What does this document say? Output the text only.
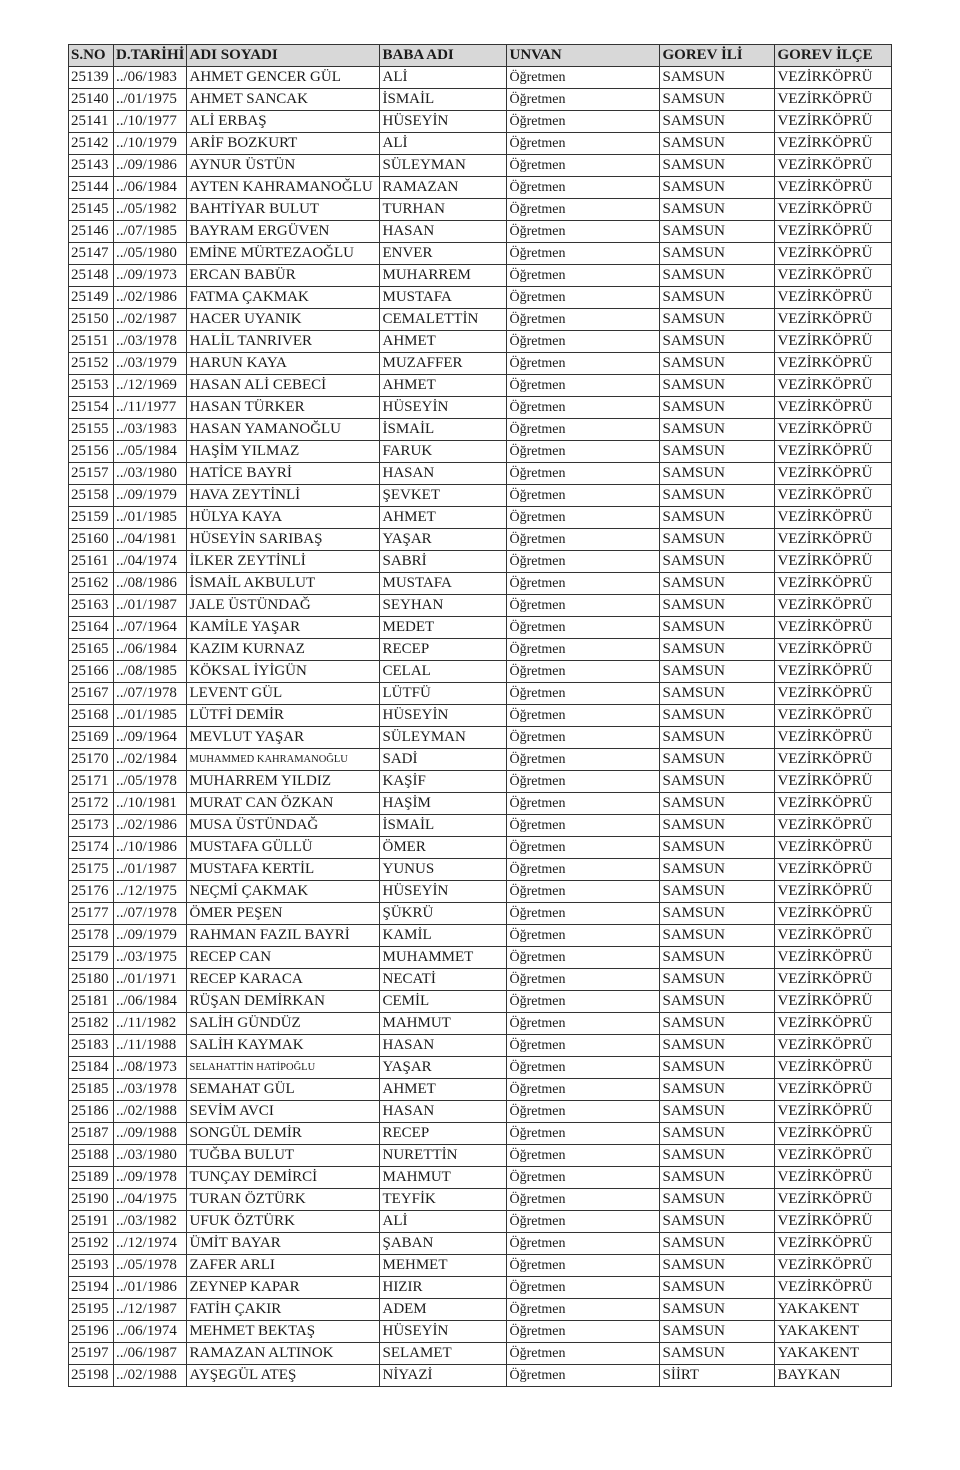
S.NO	D.TARİHİ	ADI SOYADI	BABA ADI	UNVAN	GOREV İLİ	GOREV İLÇE
25139	../06/1983	AHMET GENCER GÜL	ALİ	Öğretmen	SAMSUN	VEZİRKÖPRÜ
25140	../01/1975	AHMET SANCAK	İSMAİL	Öğretmen	SAMSUN	VEZİRKÖPRÜ
25141	../10/1977	ALİ ERBAŞ	HÜSEYİN	Öğretmen	SAMSUN	VEZİRKÖPRÜ
25142	../10/1979	ARİF BOZKURT	ALİ	Öğretmen	SAMSUN	VEZİRKÖPRÜ
25143	../09/1986	AYNUR ÜSTÜN	SÜLEYMAN	Öğretmen	SAMSUN	VEZİRKÖPRÜ
25144	../06/1984	AYTEN KAHRAMANOĞLU	RAMAZAN	Öğretmen	SAMSUN	VEZİRKÖPRÜ
25145	../05/1982	BAHTİYAR BULUT	TURHAN	Öğretmen	SAMSUN	VEZİRKÖPRÜ
25146	../07/1985	BAYRAM ERGÜVEN	HASAN	Öğretmen	SAMSUN	VEZİRKÖPRÜ
25147	../05/1980	EMİNE MÜRTEZAOĞLU	ENVER	Öğretmen	SAMSUN	VEZİRKÖPRÜ
25148	../09/1973	ERCAN BABÜR	MUHARREM	Öğretmen	SAMSUN	VEZİRKÖPRÜ
25149	../02/1986	FATMA ÇAKMAK	MUSTAFA	Öğretmen	SAMSUN	VEZİRKÖPRÜ
25150	../02/1987	HACER UYANIK	CEMALETTİN	Öğretmen	SAMSUN	VEZİRKÖPRÜ
25151	../03/1978	HALİL TANRIVER	AHMET	Öğretmen	SAMSUN	VEZİRKÖPRÜ
25152	../03/1979	HARUN KAYA	MUZAFFER	Öğretmen	SAMSUN	VEZİRKÖPRÜ
25153	../12/1969	HASAN ALİ CEBECİ	AHMET	Öğretmen	SAMSUN	VEZİRKÖPRÜ
25154	../11/1977	HASAN TÜRKER	HÜSEYİN	Öğretmen	SAMSUN	VEZİRKÖPRÜ
25155	../03/1983	HASAN YAMANOĞLU	İSMAİL	Öğretmen	SAMSUN	VEZİRKÖPRÜ
25156	../05/1984	HAŞİM YILMAZ	FARUK	Öğretmen	SAMSUN	VEZİRKÖPRÜ
25157	../03/1980	HATİCE BAYRİ	HASAN	Öğretmen	SAMSUN	VEZİRKÖPRÜ
25158	../09/1979	HAVA ZEYTİNLİ	ŞEVKET	Öğretmen	SAMSUN	VEZİRKÖPRÜ
25159	../01/1985	HÜLYA KAYA	AHMET	Öğretmen	SAMSUN	VEZİRKÖPRÜ
25160	../04/1981	HÜSEYİN SARIBAŞ	YAŞAR	Öğretmen	SAMSUN	VEZİRKÖPRÜ
25161	../04/1974	İLKER ZEYTİNLİ	SABRİ	Öğretmen	SAMSUN	VEZİRKÖPRÜ
25162	../08/1986	İSMAİL AKBULUT	MUSTAFA	Öğretmen	SAMSUN	VEZİRKÖPRÜ
25163	../01/1987	JALE ÜSTÜNDAĞ	SEYHAN	Öğretmen	SAMSUN	VEZİRKÖPRÜ
25164	../07/1964	KAMİLE YAŞAR	MEDET	Öğretmen	SAMSUN	VEZİRKÖPRÜ
25165	../06/1984	KAZIM KURNAZ	RECEP	Öğretmen	SAMSUN	VEZİRKÖPRÜ
25166	../08/1985	KÖKSAL İYİGÜN	CELAL	Öğretmen	SAMSUN	VEZİRKÖPRÜ
25167	../07/1978	LEVENT GÜL	LÜTFÜ	Öğretmen	SAMSUN	VEZİRKÖPRÜ
25168	../01/1985	LÜTFİ DEMİR	HÜSEYİN	Öğretmen	SAMSUN	VEZİRKÖPRÜ
25169	../09/1964	MEVLUT YAŞAR	SÜLEYMAN	Öğretmen	SAMSUN	VEZİRKÖPRÜ
25170	../02/1984	MUHAMMED KAHRAMANOĞLU	SADİ	Öğretmen	SAMSUN	VEZİRKÖPRÜ
25171	../05/1978	MUHARREM YILDIZ	KAŞİF	Öğretmen	SAMSUN	VEZİRKÖPRÜ
25172	../10/1981	MURAT CAN ÖZKAN	HAŞİM	Öğretmen	SAMSUN	VEZİRKÖPRÜ
25173	../02/1986	MUSA ÜSTÜNDAĞ	İSMAİL	Öğretmen	SAMSUN	VEZİRKÖPRÜ
25174	../10/1986	MUSTAFA GÜLLÜ	ÖMER	Öğretmen	SAMSUN	VEZİRKÖPRÜ
25175	../01/1987	MUSTAFA KERTİL	YUNUS	Öğretmen	SAMSUN	VEZİRKÖPRÜ
25176	../12/1975	NEÇMİ ÇAKMAK	HÜSEYİN	Öğretmen	SAMSUN	VEZİRKÖPRÜ
25177	../07/1978	ÖMER PEŞEN	ŞÜKRÜ	Öğretmen	SAMSUN	VEZİRKÖPRÜ
25178	../09/1979	RAHMAN FAZIL BAYRİ	KAMİL	Öğretmen	SAMSUN	VEZİRKÖPRÜ
25179	../03/1975	RECEP CAN	MUHAMMET	Öğretmen	SAMSUN	VEZİRKÖPRÜ
25180	../01/1971	RECEP KARACA	NECATİ	Öğretmen	SAMSUN	VEZİRKÖPRÜ
25181	../06/1984	RÜŞAN DEMİRKAN	CEMİL	Öğretmen	SAMSUN	VEZİRKÖPRÜ
25182	../11/1982	SALİH GÜNDÜZ	MAHMUT	Öğretmen	SAMSUN	VEZİRKÖPRÜ
25183	../11/1988	SALİH KAYMAK	HASAN	Öğretmen	SAMSUN	VEZİRKÖPRÜ
25184	../08/1973	SELAHATTİN HATİPOĞLU	YAŞAR	Öğretmen	SAMSUN	VEZİRKÖPRÜ
25185	../03/1978	SEMAHAT GÜL	AHMET	Öğretmen	SAMSUN	VEZİRKÖPRÜ
25186	../02/1988	SEVİM AVCI	HASAN	Öğretmen	SAMSUN	VEZİRKÖPRÜ
25187	../09/1988	SONGÜL DEMİR	RECEP	Öğretmen	SAMSUN	VEZİRKÖPRÜ
25188	../03/1980	TUĞBA BULUT	NURETTİN	Öğretmen	SAMSUN	VEZİRKÖPRÜ
25189	../09/1978	TUNÇAY DEMİRCİ	MAHMUT	Öğretmen	SAMSUN	VEZİRKÖPRÜ
25190	../04/1975	TURAN ÖZTÜRK	TEYFİK	Öğretmen	SAMSUN	VEZİRKÖPRÜ
25191	../03/1982	UFUK ÖZTÜRK	ALİ	Öğretmen	SAMSUN	VEZİRKÖPRÜ
25192	../12/1974	ÜMİT BAYAR	ŞABAN	Öğretmen	SAMSUN	VEZİRKÖPRÜ
25193	../05/1978	ZAFER ARLI	MEHMET	Öğretmen	SAMSUN	VEZİRKÖPRÜ
25194	../01/1986	ZEYNEP KAPAR	HIZIR	Öğretmen	SAMSUN	VEZİRKÖPRÜ
25195	../12/1987	FATİH ÇAKIR	ADEM	Öğretmen	SAMSUN	YAKAKENT
25196	../06/1974	MEHMET BEKTAŞ	HÜSEYİN	Öğretmen	SAMSUN	YAKAKENT
25197	../06/1987	RAMAZAN ALTINOK	SELAMET	Öğretmen	SAMSUN	YAKAKENT
25198	../02/1988	AYŞEGÜL ATEŞ	NİYAZİ	Öğretmen	SİİRT	BAYKAN
